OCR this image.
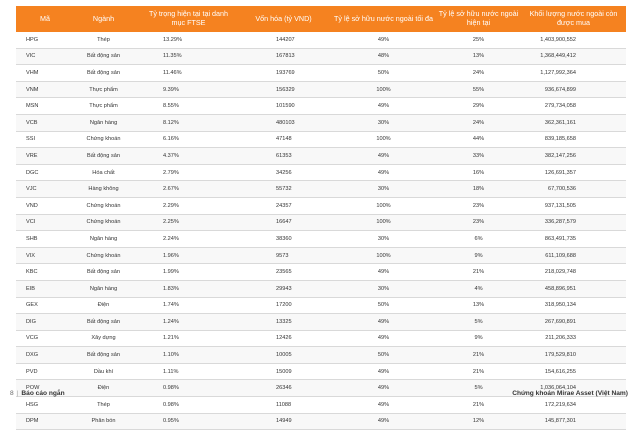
Mã	Ngành	Tỷ trọng hiện tại tại danh mục FTSE	Vốn hóa (tỷ VND)	Tỷ lệ sở hữu nước ngoài tối đa	Tỷ lệ sở hữu nước ngoài hiện tại	Khối lượng nước ngoài còn được mua
HPG	Thép	13.29%	144207	49%	25%	1,403,900,552
VIC	Bất động sản	11.35%	167813	48%	13%	1,368,449,412
VHM	Bất động sản	11.46%	193769	50%	24%	1,127,992,364
VNM	Thực phẩm	9.39%	156329	100%	55%	936,674,899
MSN	Thực phẩm	8.55%	101590	49%	29%	279,734,058
VCB	Ngân hàng	8.12%	480103	30%	24%	362,361,161
SSI	Chứng khoán	6.16%	47148	100%	44%	839,185,658
VRE	Bất động sản	4.37%	61353	49%	33%	382,147,256
DGC	Hóa chất	2.79%	34256	49%	16%	126,691,357
VJC	Hàng không	2.67%	55732	30%	18%	67,700,536
VND	Chứng khoán	2.29%	24357	100%	23%	937,131,505
VCI	Chứng khoán	2.25%	16647	100%	23%	336,287,579
SHB	Ngân hàng	2.24%	38360	30%	6%	863,491,735
VIX	Chứng khoán	1.96%	9573	100%	9%	611,109,688
KBC	Bất động sản	1.99%	23565	49%	21%	218,029,748
EIB	Ngân hàng	1.83%	29943	30%	4%	458,896,951
GEX	Điện	1.74%	17200	50%	13%	318,950,134
DIG	Bất động sản	1.24%	13325	49%	5%	267,690,891
VCG	Xây dựng	1.21%	12426	49%	9%	211,206,333
DXG	Bất động sản	1.10%	10005	50%	21%	179,529,810
PVD	Dầu khí	1.11%	15009	49%	21%	154,616,255
POW	Điện	0.98%	26346	49%	5%	1,036,064,104
HSG	Thép	0.98%	11088	49%	21%	172,219,634
DPM	Phân bón	0.95%	14949	49%	12%	145,877,301
8 | Báo cáo ngắn	Chứng khoán Mirae Asset (Việt Nam)
